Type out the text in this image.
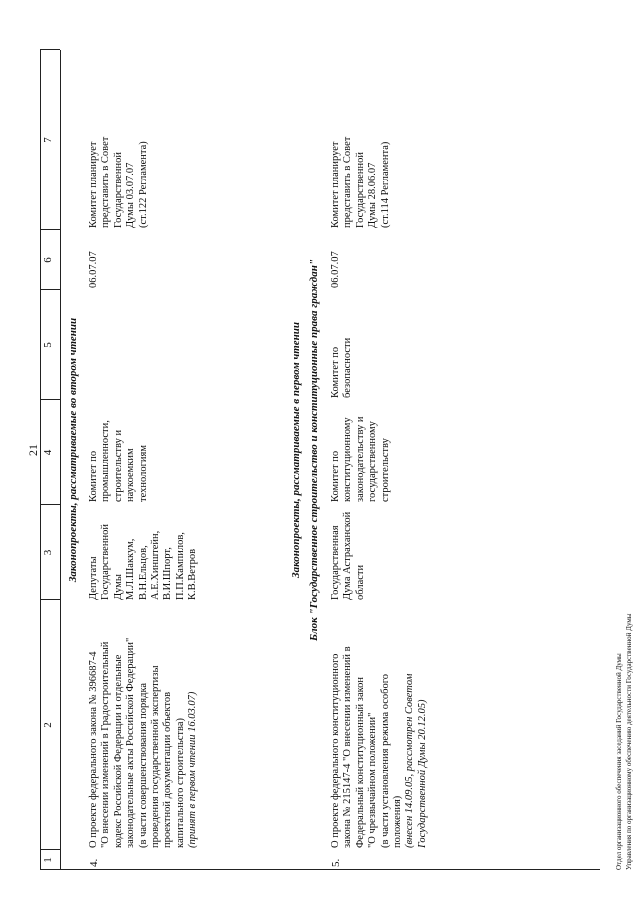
21
1
2
3
4
5
6
7
Законопроекты, рассматриваемые во втором чтении
4.
О проекте федерального закона № 396687-4 "О внесении изменений в Градостроительный кодекс Российской Федерации и отдельные законодательные акты Российской Федерации" (в части совершенствования порядка проведения государственной экспертизы проектной документации объектов капитального строительства) (принят в первом чтении 16.03.07)
Депутаты Государственной Думы М.Л.Шаккум, В.Н.Ельцов, А.Е.Хинштейн, В.И.Шпорт, П.П.Кампилов, К.В.Ветров
Комитет по промышленности, строительству и наукоемким технологиям
06.07.07
Комитет планирует представить в Совет Государственной Думы 03.07.07 (ст.122 Регламента)
Законопроекты, рассматриваемые в первом чтении Блок "Государственное строительство и конституционные права граждан"
5.
О проекте федерального конституционного закона № 215147-4 "О внесении изменений в Федеральный конституционный закон "О чрезвычайном положении" (в части установления режима особого положения) (внесен 14.09.05, рассмотрен Советом Государственной Думы 20.12.05)
Государственная Дума Астраханской области
Комитет по конституционному законодательству и государственному строительству
Комитет по безопасности
06.07.07
Комитет планирует представить в Совет Государственной Думы 28.06.07 (ст.114 Регламента)
Отдел организационного обеспечения заседаний Государственной Думы Управления по организационному обеспечению деятельности Государственной Думы
